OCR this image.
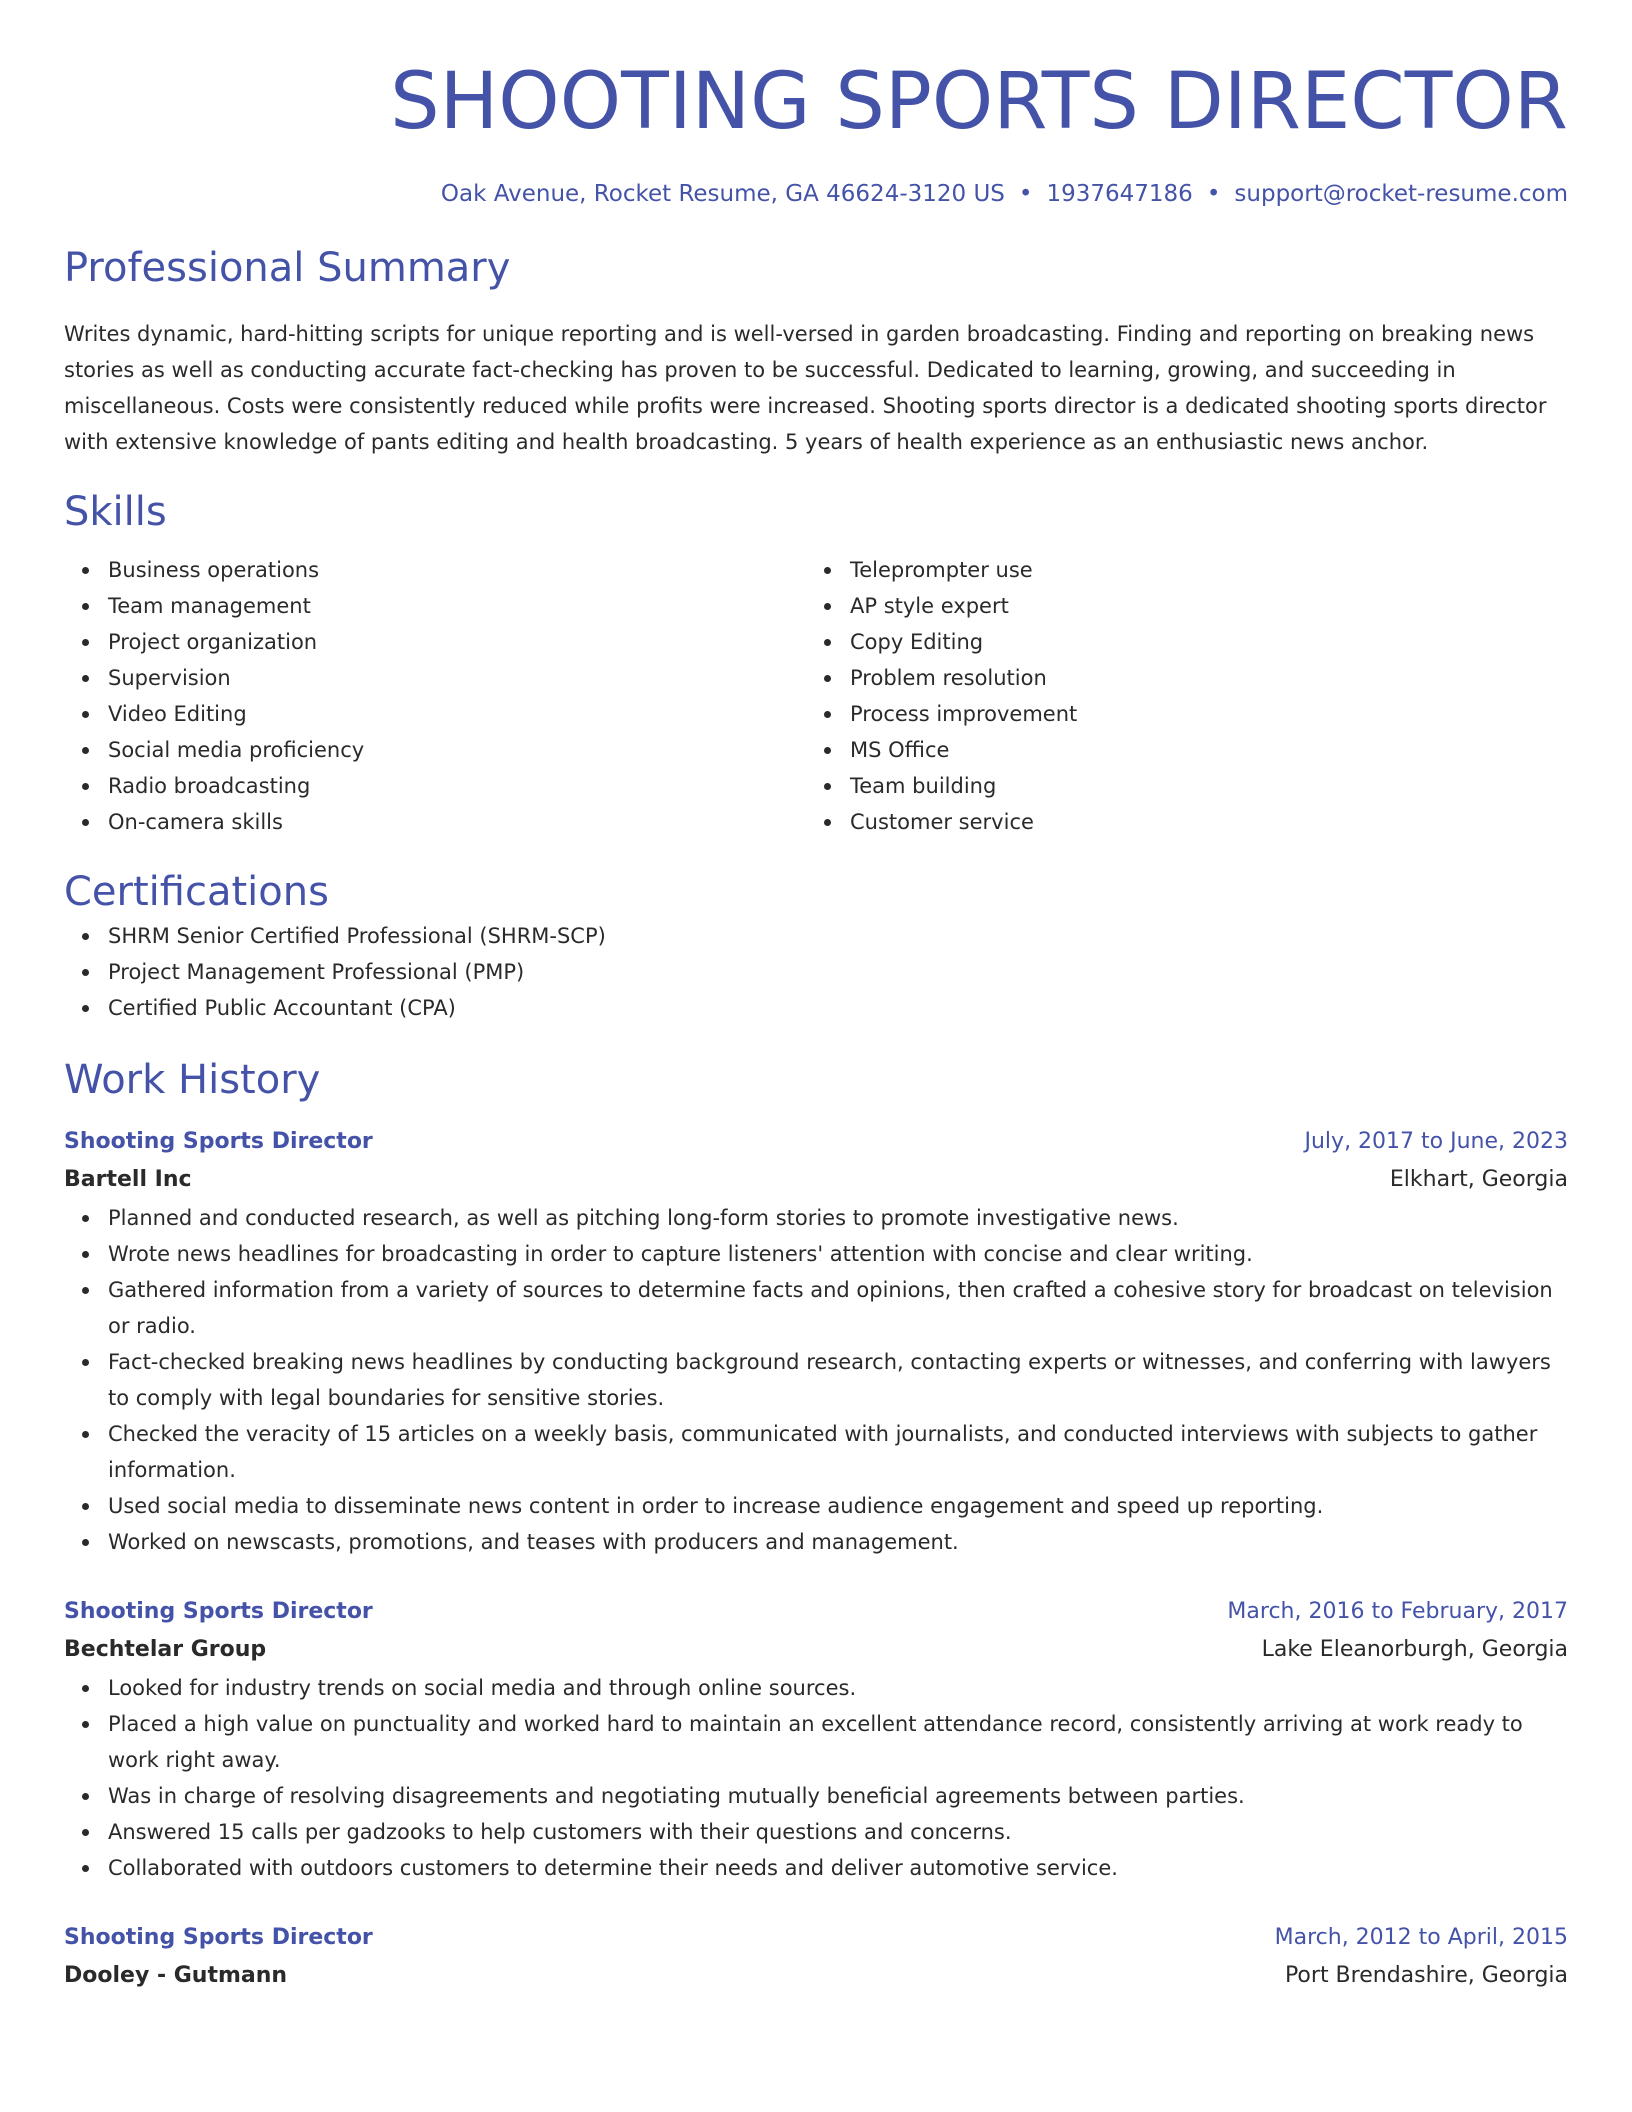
SHOOTING SPORTS DIRECTOR
Oak Avenue, Rocket Resume, GA 46624-3120 US • 1937647186 • support@rocket-resume.com
Professional Summary
Writes dynamic, hard-hitting scripts for unique reporting and is well-versed in garden broadcasting. Finding and reporting on breaking news stories as well as conducting accurate fact-checking has proven to be successful. Dedicated to learning, growing, and succeeding in miscellaneous. Costs were consistently reduced while profits were increased. Shooting sports director is a dedicated shooting sports director with extensive knowledge of pants editing and health broadcasting. 5 years of health experience as an enthusiastic news anchor.
Skills
Business operations
Team management
Project organization
Supervision
Video Editing
Social media proficiency
Radio broadcasting
On-camera skills
Teleprompter use
AP style expert
Copy Editing
Problem resolution
Process improvement
MS Office
Team building
Customer service
Certifications
SHRM Senior Certified Professional (SHRM-SCP)
Project Management Professional (PMP)
Certified Public Accountant (CPA)
Work History
Shooting Sports Director	July, 2017 to June, 2023
Bartell Inc	Elkhart, Georgia
Planned and conducted research, as well as pitching long-form stories to promote investigative news.
Wrote news headlines for broadcasting in order to capture listeners' attention with concise and clear writing.
Gathered information from a variety of sources to determine facts and opinions, then crafted a cohesive story for broadcast on television or radio.
Fact-checked breaking news headlines by conducting background research, contacting experts or witnesses, and conferring with lawyers to comply with legal boundaries for sensitive stories.
Checked the veracity of 15 articles on a weekly basis, communicated with journalists, and conducted interviews with subjects to gather information.
Used social media to disseminate news content in order to increase audience engagement and speed up reporting.
Worked on newscasts, promotions, and teases with producers and management.
Shooting Sports Director	March, 2016 to February, 2017
Bechtelar Group	Lake Eleanorburgh, Georgia
Looked for industry trends on social media and through online sources.
Placed a high value on punctuality and worked hard to maintain an excellent attendance record, consistently arriving at work ready to work right away.
Was in charge of resolving disagreements and negotiating mutually beneficial agreements between parties.
Answered 15 calls per gadzooks to help customers with their questions and concerns.
Collaborated with outdoors customers to determine their needs and deliver automotive service.
Shooting Sports Director	March, 2012 to April, 2015
Dooley - Gutmann	Port Brendashire, Georgia
